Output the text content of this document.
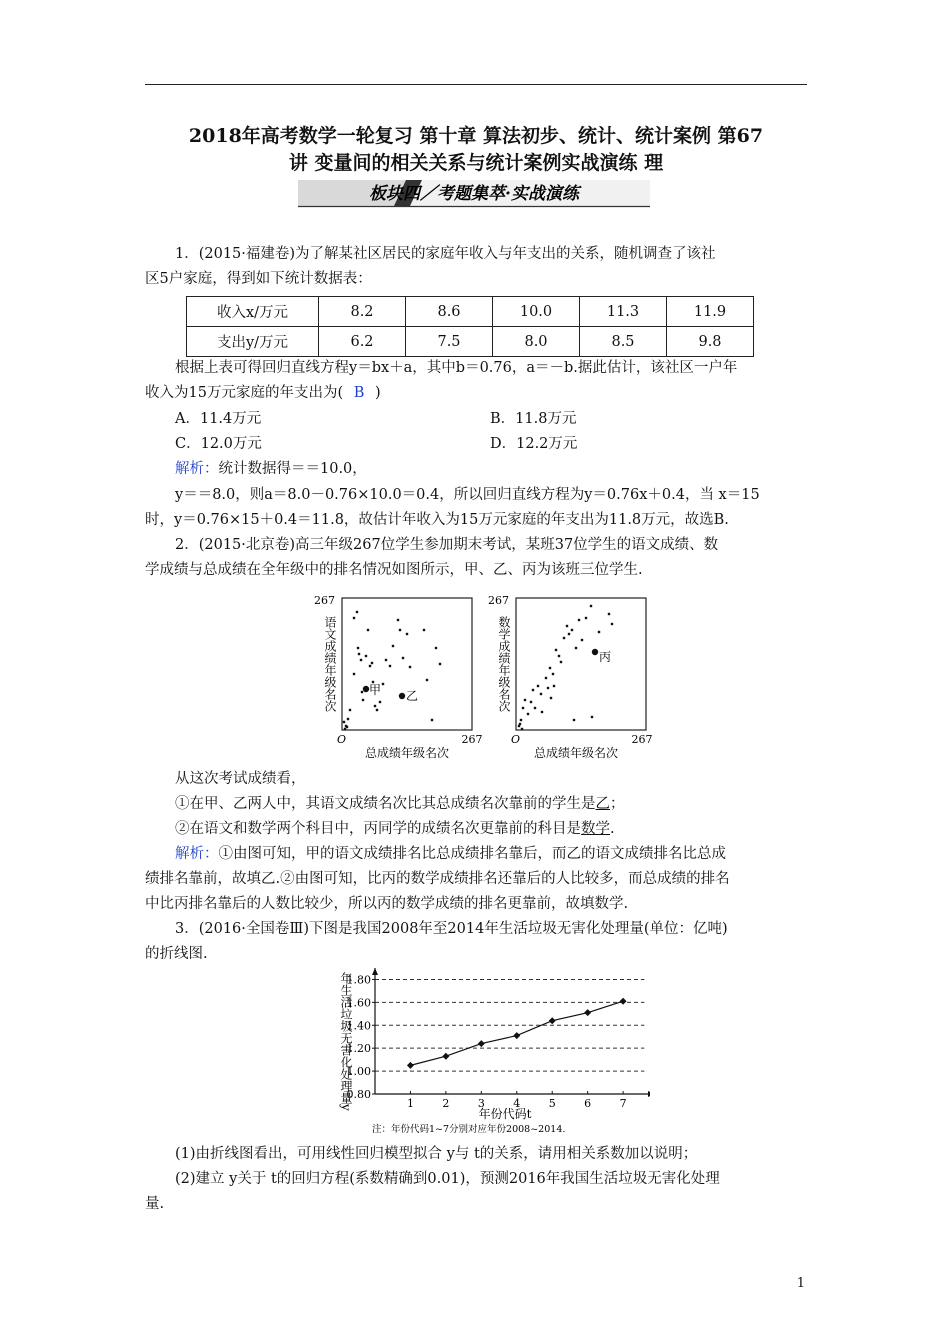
2018年高考数学一轮复习 第十章 算法初步、统计、统计案例 第67
讲 变量间的相关关系与统计案例实战演练 理
板块四／考题集萃·实战演练
1．(2015·福建卷)为了解某社区居民的家庭年收入与年支出的关系，随机调查了该社
区5户家庭，得到如下统计数据表：
收入x/万元	8.2	8.6	10.0	11.3	11.9
支出y/万元	6.2	7.5	8.0	8.5	9.8
根据上表可得回归直线方程y＝bx＋a，其中b＝0.76，a＝－b.据此估计，该社区一户年
收入为15万元家庭的年支出为( B )
A．11.4万元	B．11.8万元
C．12.0万元	D．12.2万元
解析：统计数据得＝＝10.0，
y＝＝8.0，则a＝8.0－0.76×10.0＝0.4，所以回归直线方程为y＝0.76x＋0.4，当 x＝15
时，y＝0.76×15＋0.4＝11.8，故估计年收入为15万元家庭的年支出为11.8万元，故选B.
2．(2015·北京卷)高三年级267位学生参加期末考试，某班37位学生的语文成绩、数
学成绩与总成绩在全年级中的排名情况如图所示，甲、乙、丙为该班三位学生.
267
267
O
总成绩年级名次
语文成绩年级名次	甲 乙
267
267
O
总成绩年级名次
数学成绩年级名次	丙
从这次考试成绩看，
①在甲、乙两人中，其语文成绩名次比其总成绩名次靠前的学生是乙；
②在语文和数学两个科目中，丙同学的成绩名次更靠前的科目是数学.
解析：①由图可知，甲的语文成绩排名比总成绩排名靠后，而乙的语文成绩排名比总成
绩排名靠前，故填乙.②由图可知，比丙的数学成绩排名还靠后的人比较多，而总成绩的排名
中比丙排名靠后的人数比较少，所以丙的数学成绩的排名更靠前，故填数学.
3．(2016·全国卷Ⅲ)下图是我国2008年至2014年生活垃圾无害化处理量(单位：亿吨)
的折线图.
年生活垃圾无害化处理量y
0.80
1.00
1.20
1.40
1.60
1.80
1	2	3	4	5	6	7
年份代码t
注：年份代码1~7分别对应年份2008~2014.
(1)由折线图看出，可用线性回归模型拟合 y与 t的关系，请用相关系数加以说明；
(2)建立 y关于 t的回归方程(系数精确到0.01)，预测2016年我国生活垃圾无害化处理
量.
1
